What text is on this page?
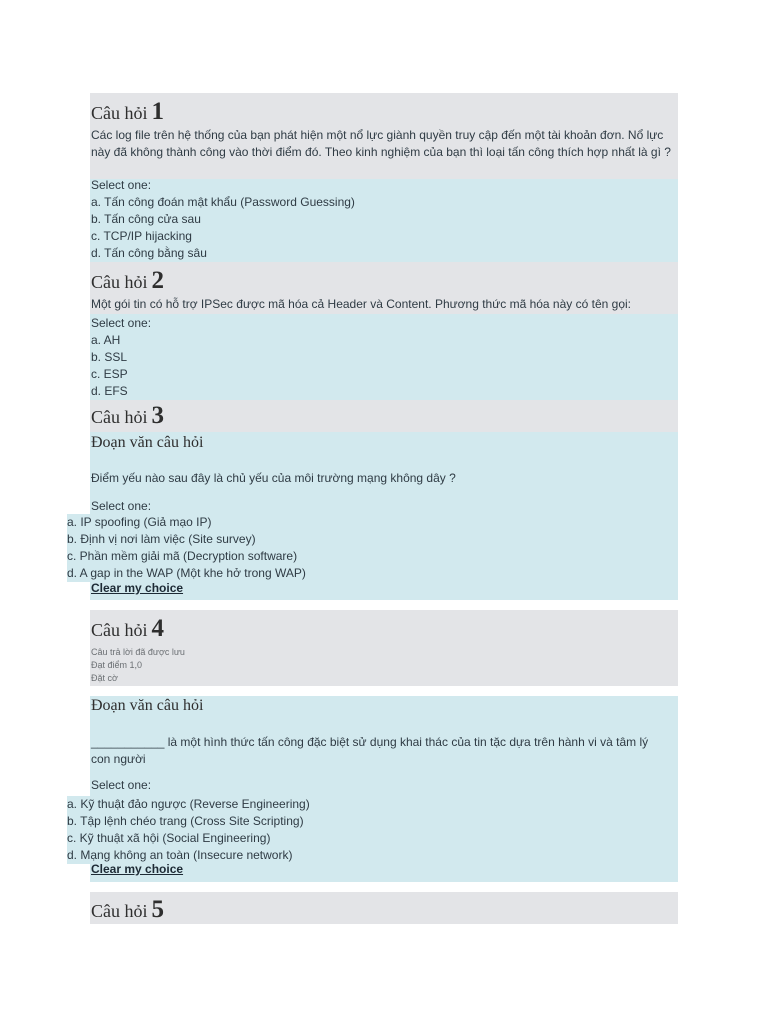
Câu hỏi 1
Các log file trên hệ thống của bạn phát hiện một nổ lực giành quyền truy cập đến một tài khoản đơn. Nổ lực này đã không thành công vào thời điểm đó. Theo kinh nghiệm của bạn thì loại tấn công thích hợp nhất là gì ?
Select one:
a. Tấn công đoán mật khẩu (Password Guessing)
b. Tấn công cửa sau
c. TCP/IP hijacking
d. Tấn công bằng sâu
Câu hỏi 2
Một gói tin có hỗ trợ IPSec được mã hóa cả Header và Content. Phương thức mã hóa này có tên gọi:
Select one:
a. AH
b. SSL
c. ESP
d. EFS
Câu hỏi 3
Đoạn văn câu hỏi
Điểm yếu nào sau đây là chủ yếu của môi trường mạng không dây ?
Select one:
Clear my choice
a. IP spoofing (Giả mạo IP)
b. Định vị nơi làm việc (Site survey)
c. Phần mềm giải mã (Decryption software)
d. A gap in the WAP (Một khe hở trong WAP)
Câu hỏi 4
Câu trả lời đã được lưu
Đạt điểm 1,0
Đặt cờ
Đoạn văn câu hỏi
___________ là một hình thức tấn công đặc biệt sử dụng khai thác của tin tặc dựa trên hành vi và tâm lý con người
Select one:
Clear my choice
a. Kỹ thuật đảo ngược (Reverse Engineering)
b. Tập lệnh chéo trang (Cross Site Scripting)
c. Kỹ thuật xã hội (Social Engineering)
d. Mạng không an toàn (Insecure network)
Câu hỏi 5
